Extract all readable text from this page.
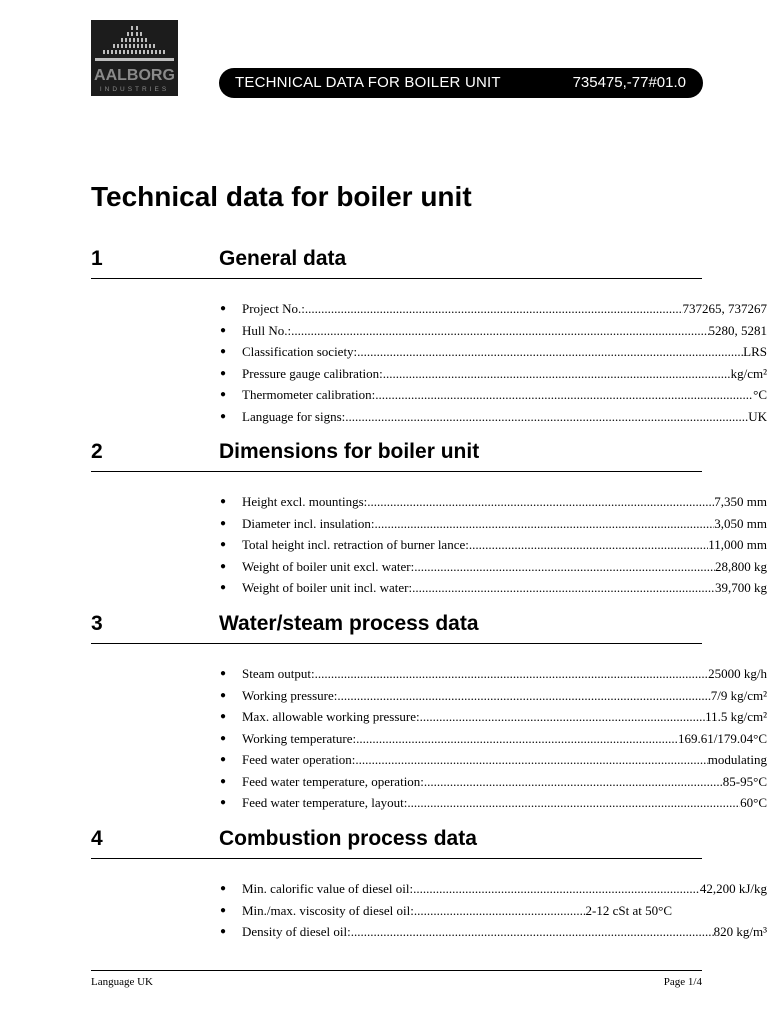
AALBORG
INDUSTRIES	TECHNICAL DATA FOR BOILER UNIT	735475,-77#01.0
Technical data for boiler unit
1	General data
● Project No.: .....	737265, 737267
● Hull No.: .....	5280, 5281
● Classification society: .....	LRS
● Pressure gauge calibration: .....	kg/cm²
● Thermometer calibration: .....	°C
● Language for signs: .....	UK
2	Dimensions for boiler unit
● Height excl. mountings: .....	7,350 mm
● Diameter incl. insulation: .....	3,050 mm
● Total height incl. retraction of burner lance: .....	11,000 mm
● Weight of boiler unit excl. water: .....	28,800 kg
● Weight of boiler unit incl. water: .....	39,700 kg
3	Water/steam process data
● Steam output: .....	25000 kg/h
● Working pressure: .....	7/9 kg/cm²
● Max. allowable working pressure: .....	11.5 kg/cm²
● Working temperature: .....	169.61/179.04°C
● Feed water operation: .....	modulating
● Feed water temperature, operation: .....	85-95°C
● Feed water temperature, layout: .....	60°C
4	Combustion process data
● Min. calorific value of diesel oil: .....	42,200 kJ/kg
● Min./max. viscosity of diesel oil: .....	2-12 cSt at 50°C
● Density of diesel oil: .....	820 kg/m³
Language UK	Page 1/4
